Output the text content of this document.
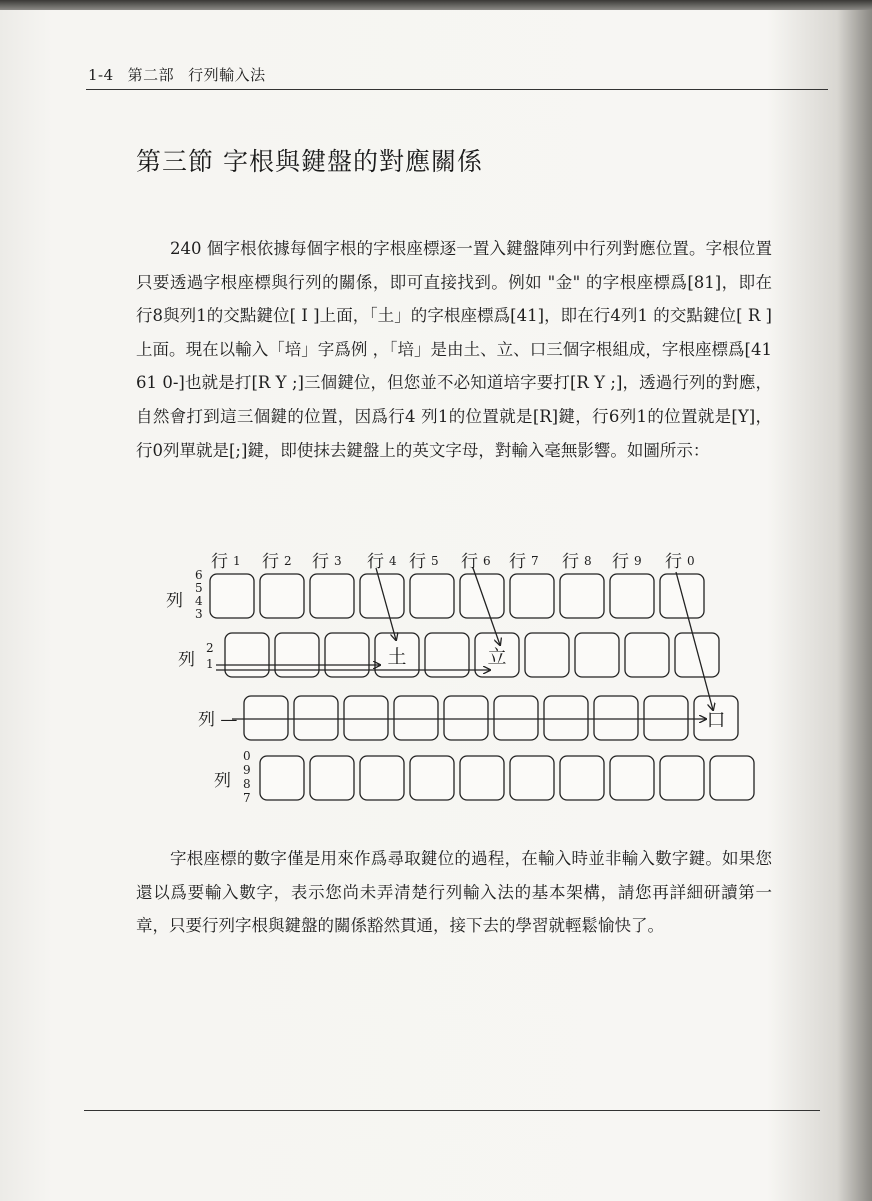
1-4 第二部 行列輸入法
第三節 字根與鍵盤的對應關係

240 個字根依據每個字根的字根座標逐一置入鍵盤陣列中行列對應位置。字根位置只要透過字根座標與行列的關係，即可直接找到。例如 "金" 的字根座標爲[81]，即在行8與列1的交點鍵位[ I ]上面，「土」的字根座標爲[41]，即在行4列1 的交點鍵位[ R ]上面。現在以輸入「培」字爲例 ，「培」是由土、立、口三個字根組成，字根座標爲[41 61 0-]也就是打[R Y ;]三個鍵位，但您並不必知道培字要打[R Y ;]，透過行列的對應，自然會打到這三個鍵的位置，因爲行4 列1的位置就是[R]鍵，行6列1的位置就是[Y]，行0列單就是[;]鍵，即使抹去鍵盤上的英文字母，對輸入毫無影響。如圖所示：

行 1 行 2 行 3 行 4 行 5 行 6 行 7 行 8 行 9 行 0
土	立
口
列
6
5
4
3
列
2
1
列 —
列
0
9
8
7

字根座標的數字僅是用來作爲尋取鍵位的過程，在輸入時並非輸入數字鍵。如果您還以爲要輸入數字，表示您尚未弄清楚行列輸入法的基本架構，請您再詳細研讀第一章，只要行列字根與鍵盤的關係豁然貫通，接下去的學習就輕鬆愉快了。
